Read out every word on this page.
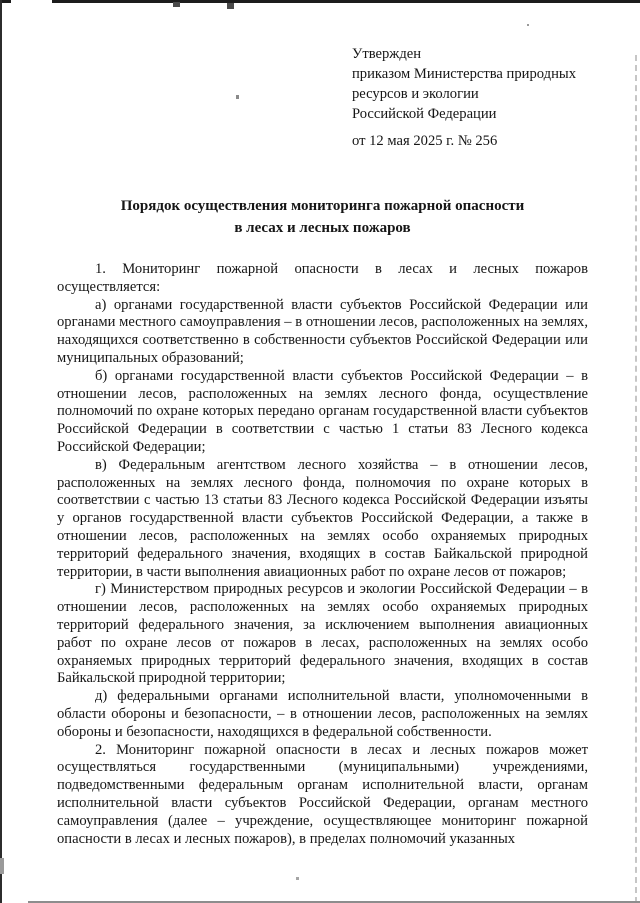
Утвержден
приказом Министерства природных
ресурсов и экологии
Российской Федерации
от 12 мая 2025 г. № 256
Порядок осуществления мониторинга пожарной опасности
в лесах и лесных пожаров

1. Мониторинг пожарной опасности в лесах и лесных пожаров осуществляется:

а) органами государственной власти субъектов Российской Федерации или органами местного самоуправления – в отношении лесов, расположенных на землях, находящихся соответственно в собственности субъектов Российской Федерации или муниципальных образований;

б) органами государственной власти субъектов Российской Федерации – в отношении лесов, расположенных на землях лесного фонда, осуществление полномочий по охране которых передано органам государственной власти субъектов Российской Федерации в соответствии с частью 1 статьи 83 Лесного кодекса Российской Федерации;

в) Федеральным агентством лесного хозяйства – в отношении лесов, расположенных на землях лесного фонда, полномочия по охране которых в соответствии с частью 13 статьи 83 Лесного кодекса Российской Федерации изъяты у органов государственной власти субъектов Российской Федерации, а также в отношении лесов, расположенных на землях особо охраняемых природных территорий федерального значения, входящих в состав Байкальской природной территории, в части выполнения авиационных работ по охране лесов от пожаров;

г) Министерством природных ресурсов и экологии Российской Федерации – в отношении лесов, расположенных на землях особо охраняемых природных территорий федерального значения, за исключением выполнения авиационных работ по охране лесов от пожаров в лесах, расположенных на землях особо охраняемых природных территорий федерального значения, входящих в состав Байкальской природной территории;

д) федеральными органами исполнительной власти, уполномоченными в области обороны и безопасности, – в отношении лесов, расположенных на землях обороны и безопасности, находящихся в федеральной собственности.

2. Мониторинг пожарной опасности в лесах и лесных пожаров может осуществляться государственными (муниципальными) учреждениями, подведомственными федеральным органам исполнительной власти, органам исполнительной власти субъектов Российской Федерации, органам местного самоуправления (далее – учреждение, осуществляющее мониторинг пожарной опасности в лесах и лесных пожаров), в пределах полномочий указанных
